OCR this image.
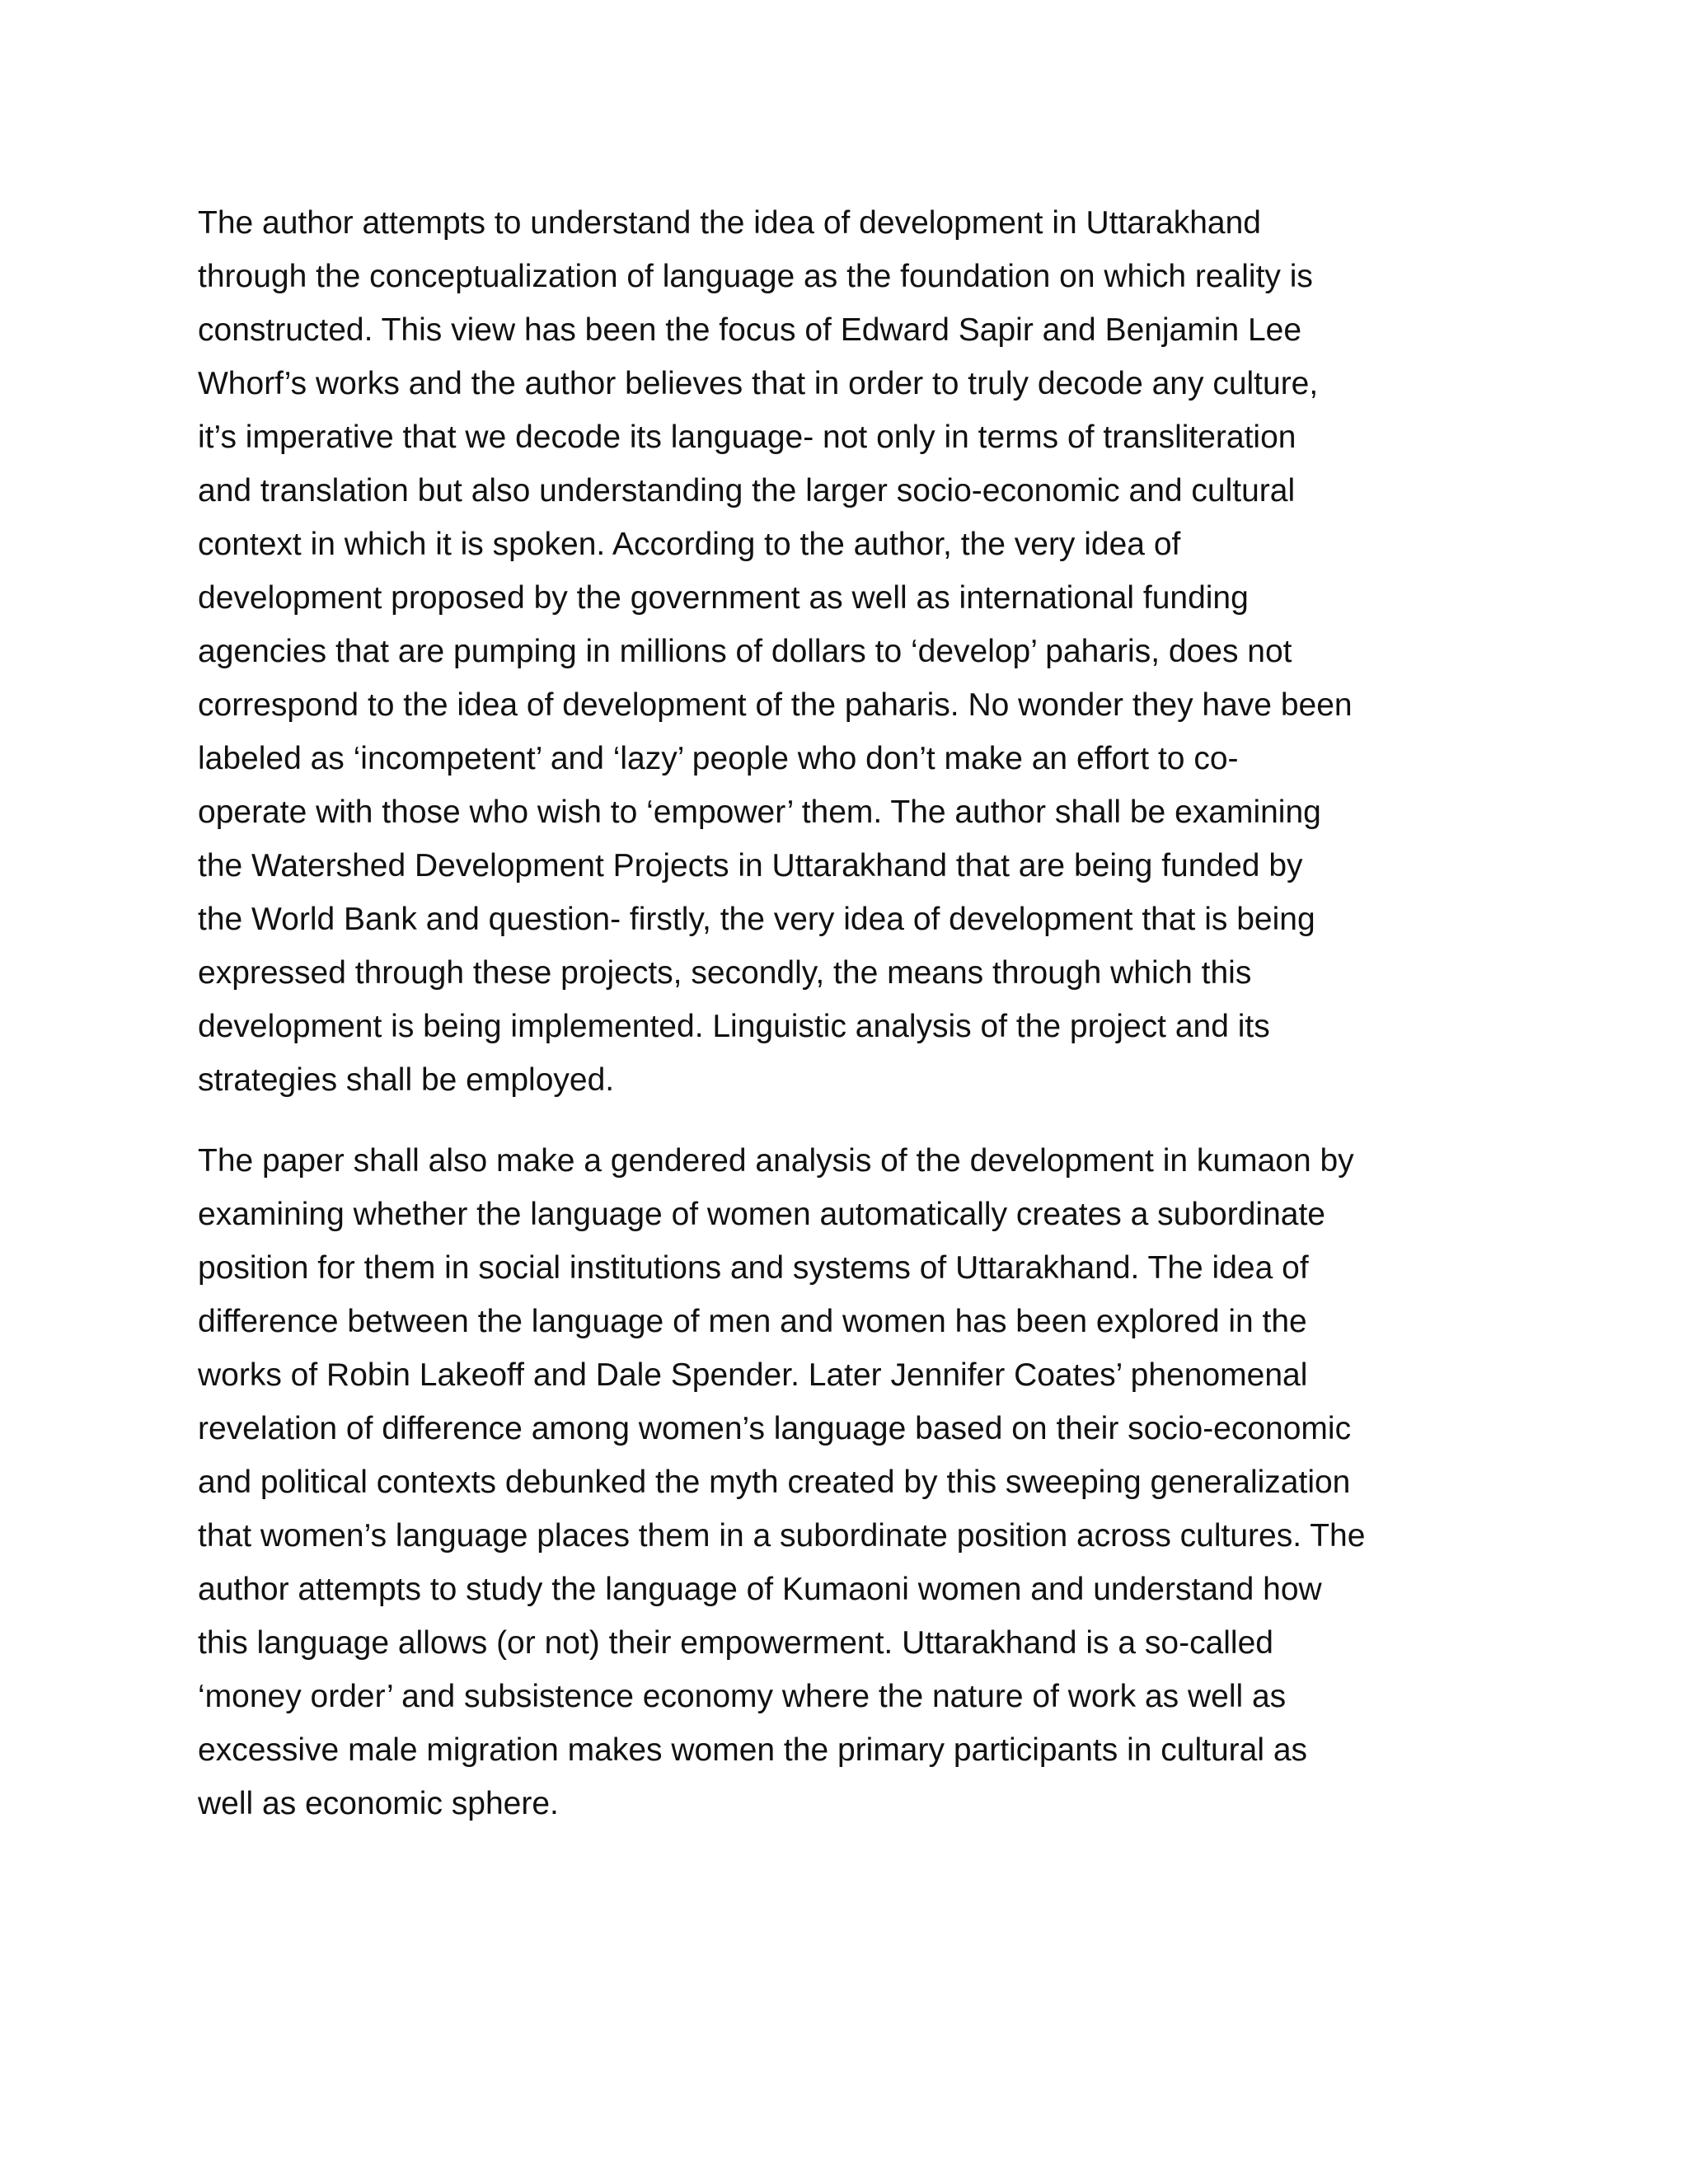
The author attempts to understand the idea of development in Uttarakhand
through the conceptualization of language as the foundation on which reality is
constructed. This view has been the focus of Edward Sapir and Benjamin Lee
Whorf’s works and the author believes that in order to truly decode any culture,
it’s imperative that we decode its language- not only in terms of transliteration
and translation but also understanding the larger socio-economic and cultural
context in which it is spoken. According to the author, the very idea of
development proposed by the government as well as international funding
agencies that are pumping in millions of dollars to ‘develop’ paharis, does not
correspond to the idea of development of the paharis. No wonder they have been
labeled as ‘incompetent’ and ‘lazy’ people who don’t make an effort to co-
operate with those who wish to ‘empower’ them. The author shall be examining
the Watershed Development Projects in Uttarakhand that are being funded by
the World Bank and question- firstly, the very idea of development that is being
expressed through these projects, secondly, the means through which this
development is being implemented. Linguistic analysis of the project and its
strategies shall be employed.
The paper shall also make a gendered analysis of the development in kumaon by
examining whether the language of women automatically creates a subordinate
position for them in social institutions and systems of Uttarakhand. The idea of
difference between the language of men and women has been explored in the
works of Robin Lakeoff and Dale Spender. Later Jennifer Coates’ phenomenal
revelation of difference among women’s language based on their socio-economic
and political contexts debunked the myth created by this sweeping generalization
that women’s language places them in a subordinate position across cultures. The
author attempts to study the language of Kumaoni women and understand how
this language allows (or not) their empowerment. Uttarakhand is a so-called
‘money order’ and subsistence economy where the nature of work as well as
excessive male migration makes women the primary participants in cultural as
well as economic sphere.
